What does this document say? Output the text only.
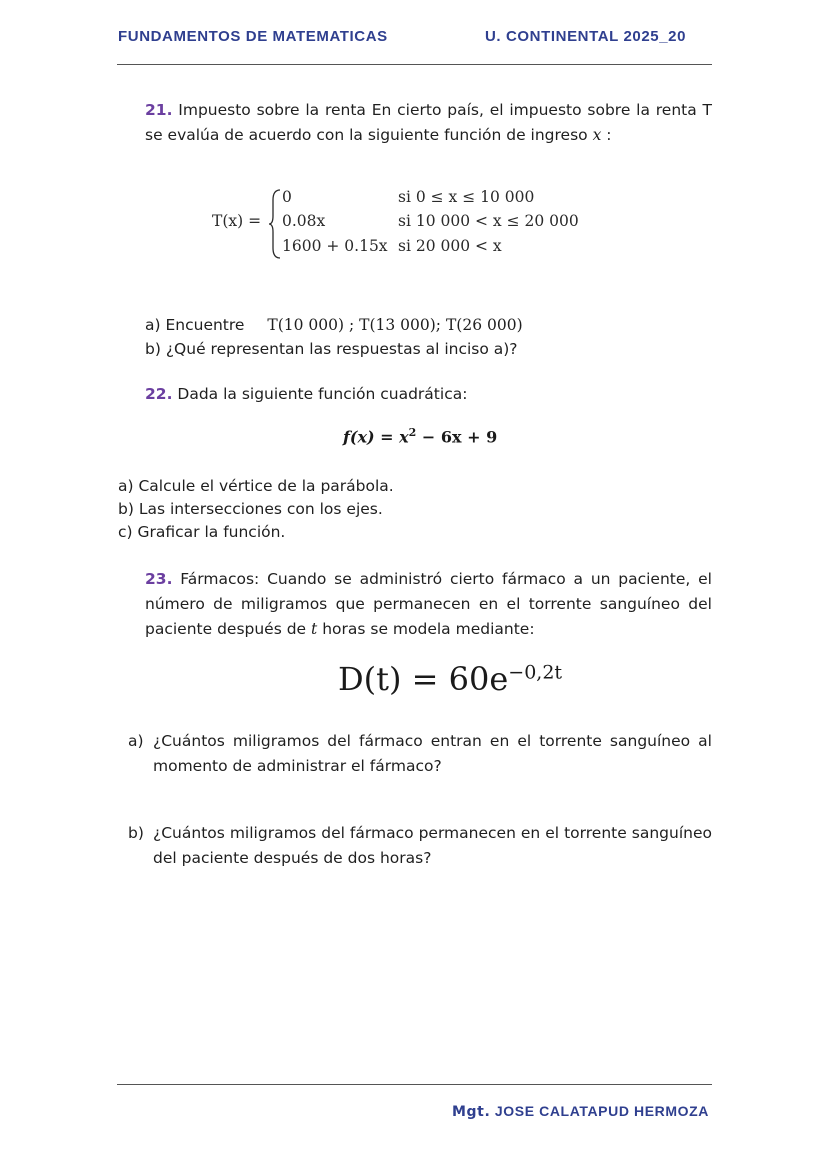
FUNDAMENTOS DE MATEMATICAS	U. CONTINENTAL 2025_20
21. Impuesto sobre la renta En cierto país, el impuesto sobre la renta T se evalúa de acuerdo con la siguiente función de ingreso x :
T(x) =
0
0.08x
1600 + 0.15x
si 0 ≤ x ≤ 10 000
si 10 000 < x ≤ 20 000
si 20 000 < x
a) Encuentre T(10 000) ; T(13 000); T(26 000)
b) ¿Qué representan las respuestas al inciso a)?
22. Dada la siguiente función cuadrática:
$f(x) = x^2 - 6x + 9$
a) Calcule el vértice de la parábola.
b) Las intersecciones con los ejes.
c) Graficar la función.
23. Fármacos: Cuando se administró cierto fármaco a un paciente, el número de miligramos que permanecen en el torrente sanguíneo del paciente después de t horas se modela mediante:
$D(t) = 60e^{-0,2t}$
a) ¿Cuántos miligramos del fármaco entran en el torrente sanguíneo al momento de administrar el fármaco?
b) ¿Cuántos miligramos del fármaco permanecen en el torrente sanguíneo del paciente después de dos horas?
Mgt. JOSE CALATAPUD HERMOZA
